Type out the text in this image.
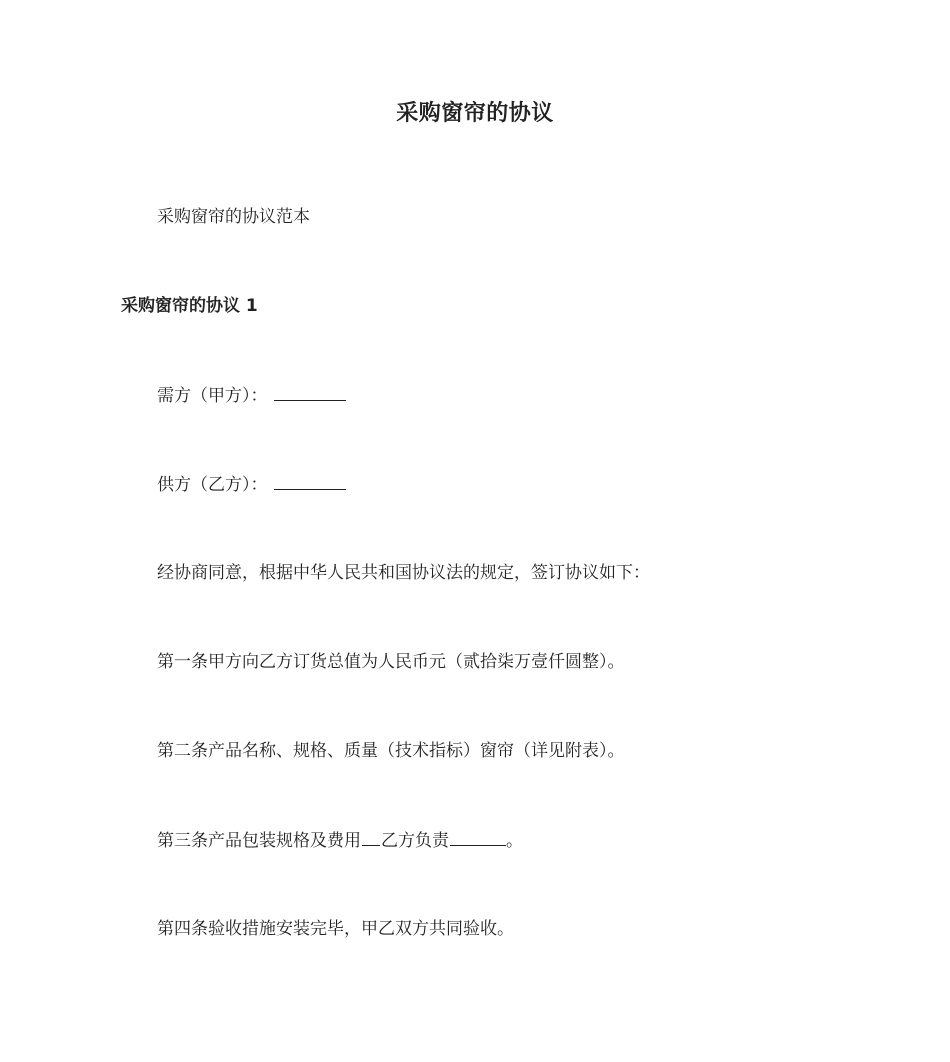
采购窗帘的协议
采购窗帘的协议范本
采购窗帘的协议 1
需方（甲方）：
供方（乙方）：
经协商同意，根据中华人民共和国协议法的规定，签订协议如下：
第一条甲方向乙方订货总值为人民币元（贰拾柒万壹仟圆整）。
第二条产品名称、规格、质量（技术指标）窗帘（详见附表）。
第三条产品包装规格及费用 乙方负责	。
第四条验收措施安装完毕，甲乙双方共同验收。
